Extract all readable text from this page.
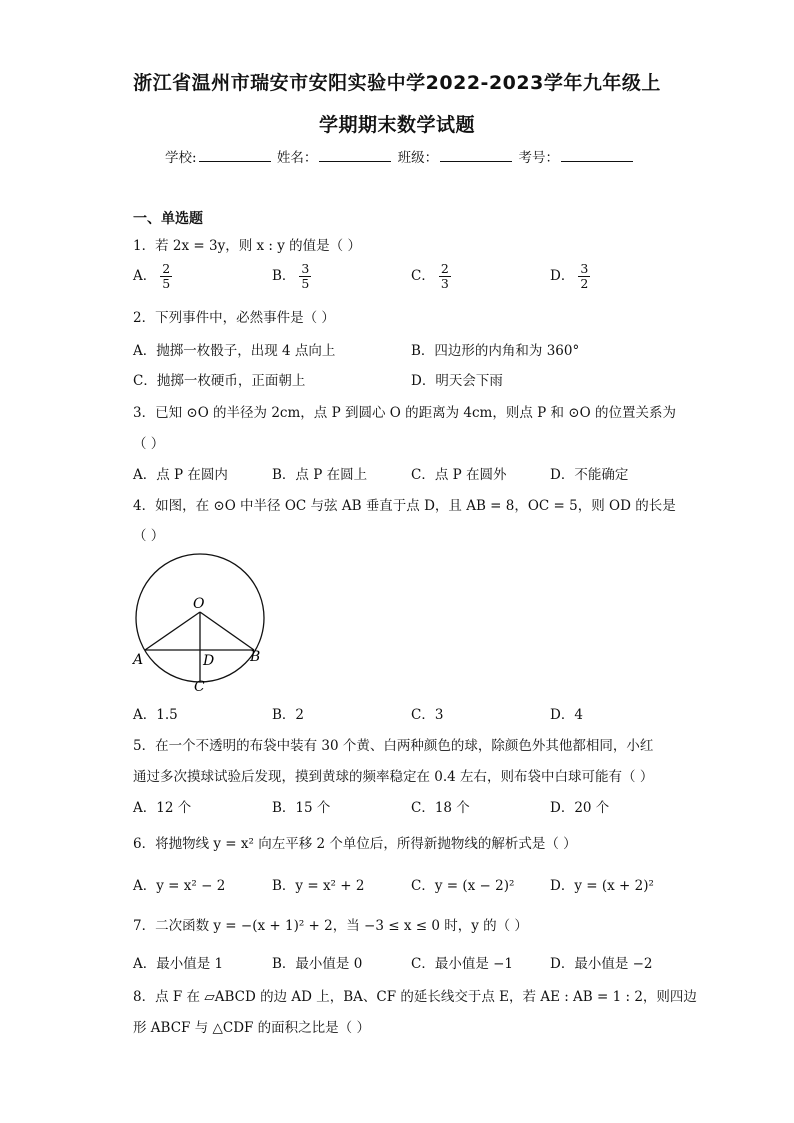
浙江省温州市瑞安市安阳实验中学2022-2023学年九年级上
学期期末数学试题
学校:	姓名：	班级：	考号：
一、单选题
1．若 2x = 3y，则 x : y 的值是（ ）
A． $\frac{2}{5}$	B． $\frac{3}{5}$	C． $\frac{2}{3}$	D． $\frac{3}{2}$
2．下列事件中，必然事件是（ ）
A．抛掷一枚骰子，出现 4 点向上	B．四边形的内角和为 360°
C．抛掷一枚硬币，正面朝上	D．明天会下雨
3．已知 ⊙O 的半径为 2cm，点 P 到圆心 O 的距离为 4cm，则点 P 和 ⊙O 的位置关系为
（ ）
A．点 P 在圆内	B．点 P 在圆上	C．点 P 在圆外	D．不能确定
4．如图，在 ⊙O 中半径 OC 与弦 AB 垂直于点 D，且 AB = 8，OC = 5，则 OD 的长是
（ ）
O
A	B
D
C
A．1.5	B．2	C．3	D．4
5．在一个不透明的布袋中装有 30 个黄、白两种颜色的球，除颜色外其他都相同，小红
通过多次摸球试验后发现，摸到黄球的频率稳定在 0.4 左右，则布袋中白球可能有（ ）
A．12 个	B．15 个	C．18 个	D．20 个
6．将抛物线 y = x² 向左平移 2 个单位后，所得新抛物线的解析式是（ ）
A．y = x² − 2	B．y = x² + 2	C．y = (x − 2)²	D．y = (x + 2)²
7．二次函数 y = −(x + 1)² + 2，当 −3 ≤ x ≤ 0 时，y 的（ ）
A．最小值是 1	B．最小值是 0	C．最小值是 −1	D．最小值是 −2
8．点 F 在 ▱ABCD 的边 AD 上，BA、CF 的延长线交于点 E，若 AE : AB = 1 : 2，则四边
形 ABCF 与 △CDF 的面积之比是（ ）
